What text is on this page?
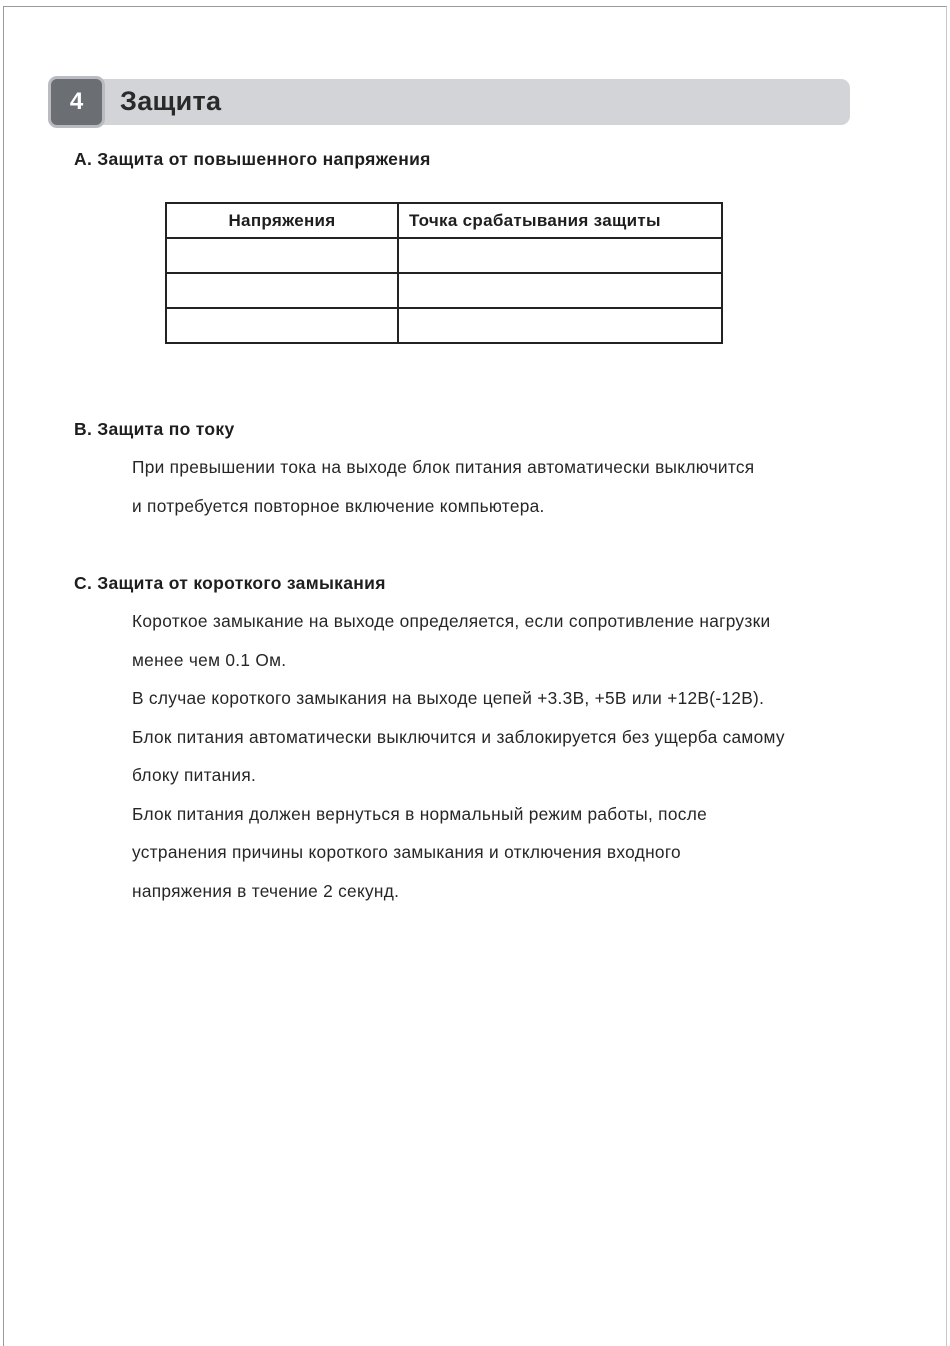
4	Защита
A. Защита от повышенного напряжения
Напряжения	Точка срабатывания защиты

B. Защита по току
При превышении тока на выходе блок питания автоматически выключится
и потребуется повторное включение компьютера.
C. Защита от короткого замыкания
Короткое замыкание на выходе определяется, если сопротивление нагрузки
менее чем 0.1 Ом.
В случае короткого замыкания на выходе цепей +3.3В, +5В или +12В(-12В).
Блок питания автоматически выключится и заблокируется без ущерба самому
блоку питания.
Блок питания должен вернуться в нормальный режим работы, после
устранения причины короткого замыкания и отключения входного
напряжения в течение 2 секунд.
